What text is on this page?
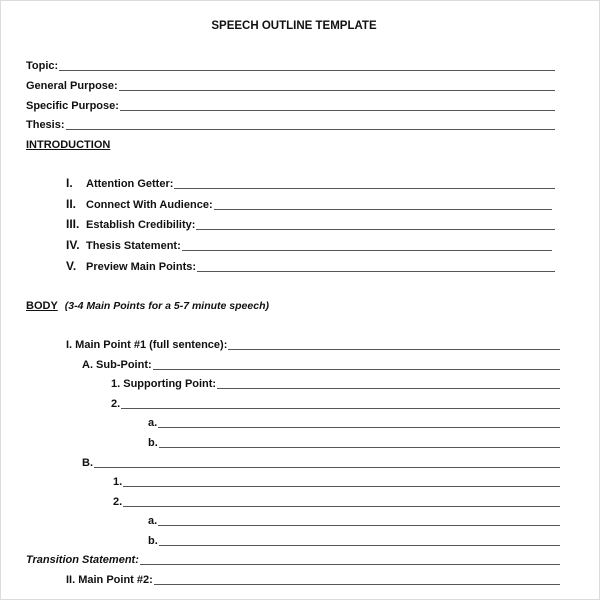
SPEECH OUTLINE TEMPLATE
Topic:
General Purpose:
Specific Purpose:
Thesis:
INTRODUCTION
I. Attention Getter:
II. Connect With Audience:
III. Establish Credibility:
IV. Thesis Statement:
V. Preview Main Points:
BODY (3-4 Main Points for a 5-7 minute speech)
I. Main Point #1 (full sentence):
A. Sub-Point:
1. Supporting Point:
2.
a.
b.
B.
1.
2.
a.
b.
Transition Statement:
II. Main Point #2:
